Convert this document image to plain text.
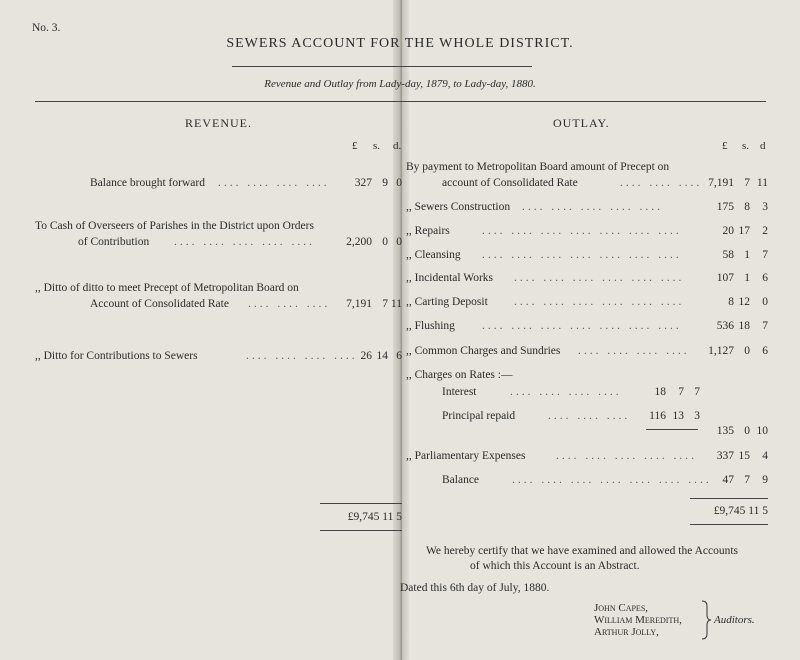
No. 3.
SEWERS ACCOUNT FOR THE WHOLE DISTRICT.
Revenue and Outlay from Lady-day, 1879, to Lady-day, 1880.
REVENUE.
£ s. d.
Balance brought forward .... .... .... ....	327 9 0
To Cash of Overseers of Parishes in the District upon Orders
of Contribution .... .... .... .... ....	2,200 0 0
,, Ditto of ditto to meet Precept of Metropolitan Board on
Account of Consolidated Rate .... .... ....	7,191 7 11
,, Ditto for Contributions to Sewers	.... .... .... .... 26 14 6
£9,745 11 5
OUTLAY.
£ s. d
By payment to Metropolitan Board amount of Precept on
account of Consolidated Rate	.... .... .... 7,191 7 11
,, Sewers Construction .... .... .... .... ....	175 8	3
,, Repairs	.... .... .... .... .... .... ....	20 17	2
,, Cleansing .... .... .... .... .... .... ....	58 1	7
,, Incidental Works .... .... .... .... .... ....	107 1	6
,, Carting Deposit .... .... .... .... .... ....	8 12	0
,, Flushing .... .... .... .... .... .... ....	536 18	7
,, Common Charges and Sundries .... .... .... ....	1,127 0	6
,, Charges on Rates :—
Interest	.... .... .... ....	18	7 7
Principal repaid	.... .... ....	116 13 3
135 0 10
,, Parliamentary Expenses	.... .... .... .... ....	337 15	4
Balance	.... .... .... .... .... .... .... 47 7	9
£9,745 11 5
We hereby certify that we have examined and allowed the Accounts
of which this Account is an Abstract.
Dated this 6th day of July, 1880.
John Capes,
William Meredith,
Arthur Jolly,
Auditors.
